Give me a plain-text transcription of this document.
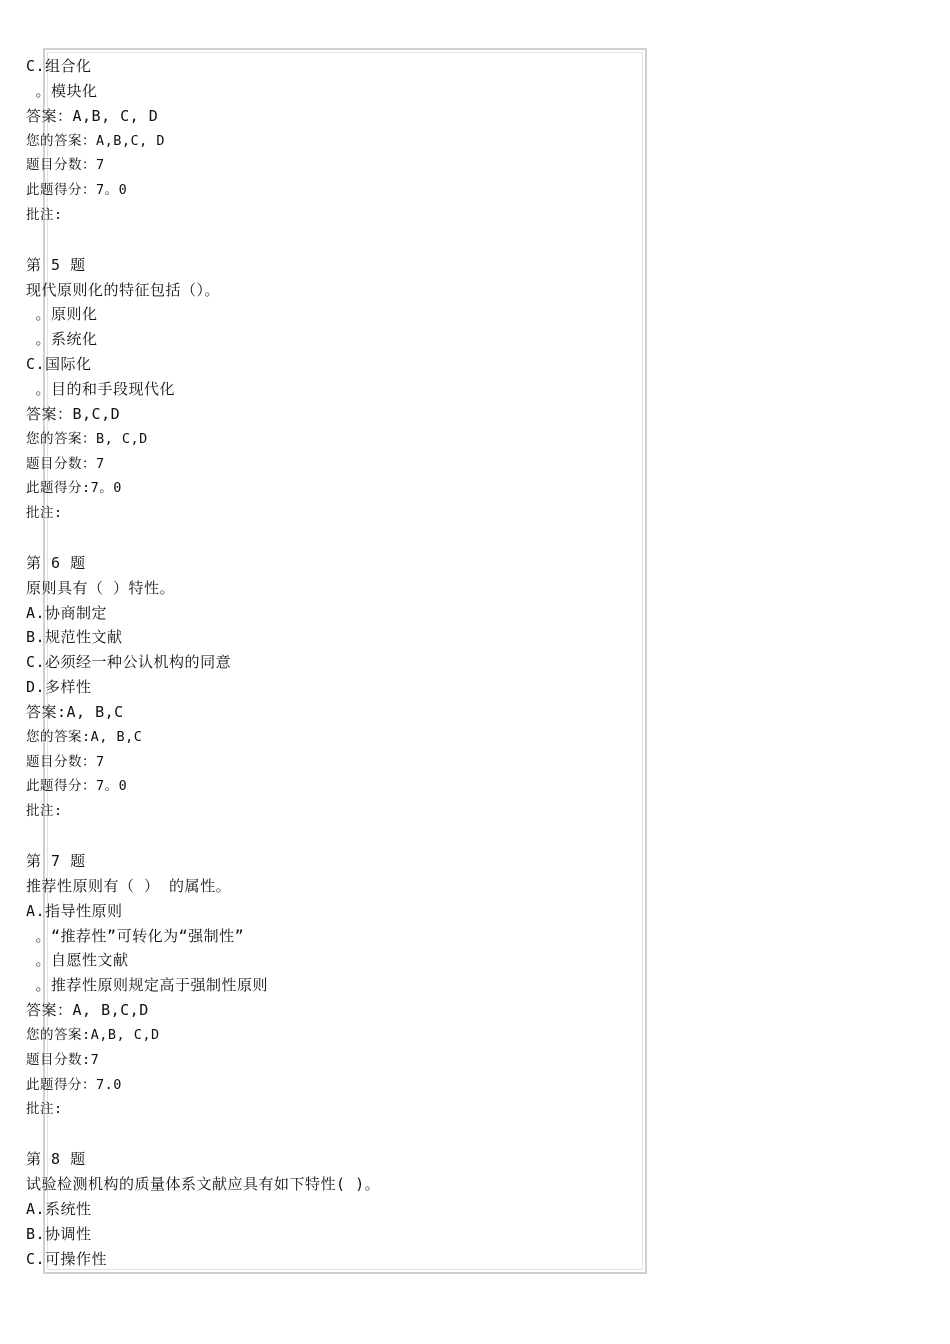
C.组合化
。模块化
答案：A,B, C, D
您的答案：A,B,C, D
题目分数：7
此题得分：7。0
批注:
第 5 题
现代原则化的特征包括（）。
。原则化
。系统化
C.国际化
。目的和手段现代化
答案：B,C,D
您的答案：B, C,D
题目分数：7
此题得分:7。0
批注:
第 6 题
原则具有（ ）特性。
A.协商制定
B.规范性文献
C.必须经一种公认机构的同意
D.多样性
答案:A, B,C
您的答案:A, B,C
题目分数：7
此题得分：7。0
批注:
第 7 题
推荐性原则有（ ） 的属性。
A.指导性原则
。“推荐性”可转化为“强制性”
。自愿性文献
。推荐性原则规定高于强制性原则
答案：A, B,C,D
您的答案:A,B, C,D
题目分数:7
此题得分：7.0
批注:
第 8 题
试验检测机构的质量体系文献应具有如下特性( )。
A.系统性
B.协调性
C.可操作性
